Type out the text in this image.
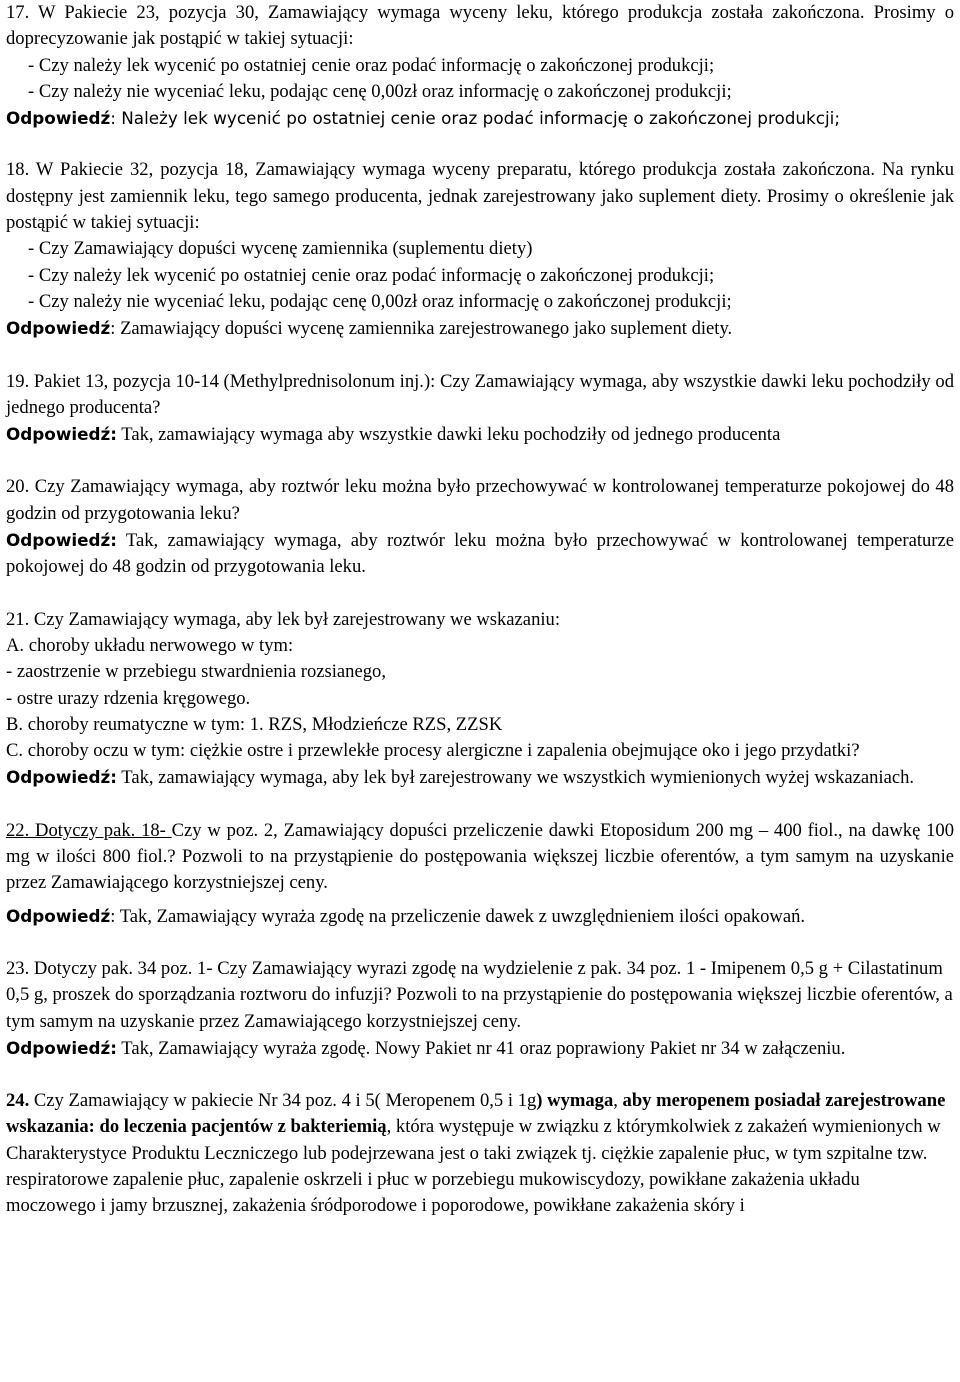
17. W Pakiecie 23, pozycja 30, Zamawiający wymaga wyceny leku, którego produkcja została zakończona. Prosimy o doprecyzowanie jak postąpić w takiej sytuacji:

- Czy należy lek wycenić po ostatniej cenie oraz podać informację o zakończonej produkcji;

- Czy należy nie wyceniać leku, podając cenę 0,00zł oraz informację o zakończonej produkcji;

Odpowiedź: Należy lek wycenić po ostatniej cenie oraz podać informację o zakończonej produkcji;

18. W Pakiecie 32, pozycja 18, Zamawiający wymaga wyceny preparatu, którego produkcja została zakończona. Na rynku dostępny jest zamiennik leku, tego samego producenta, jednak zarejestrowany jako suplement diety. Prosimy o określenie jak postąpić w takiej sytuacji:

- Czy Zamawiający dopuści wycenę zamiennika (suplementu diety)

- Czy należy lek wycenić po ostatniej cenie oraz podać informację o zakończonej produkcji;

- Czy należy nie wyceniać leku, podając cenę 0,00zł oraz informację o zakończonej produkcji;

Odpowiedź: Zamawiający dopuści wycenę zamiennika zarejestrowanego jako suplement diety.

19. Pakiet 13, pozycja 10-14 (Methylprednisolonum inj.): Czy Zamawiający wymaga, aby wszystkie dawki leku pochodziły od jednego producenta?

Odpowiedź: Tak, zamawiający wymaga aby wszystkie dawki leku pochodziły od jednego producenta

20. Czy Zamawiający wymaga, aby roztwór leku można było przechowywać w kontrolowanej temperaturze pokojowej do 48 godzin od przygotowania leku?

Odpowiedź: Tak, zamawiający wymaga, aby roztwór leku można było przechowywać w kontrolowanej temperaturze pokojowej do 48 godzin od przygotowania leku.

21. Czy Zamawiający wymaga, aby lek był zarejestrowany we wskazaniu:

A. choroby układu nerwowego w tym:

- zaostrzenie w przebiegu stwardnienia rozsianego,

- ostre urazy rdzenia kręgowego.

B. choroby reumatyczne w tym: 1. RZS, Młodzieńcze RZS, ZZSK

C. choroby oczu w tym: ciężkie ostre i przewlekłe procesy alergiczne i zapalenia obejmujące oko i jego przydatki?

Odpowiedź: Tak, zamawiający wymaga, aby lek był zarejestrowany we wszystkich wymienionych wyżej wskazaniach.

22. Dotyczy pak. 18- Czy w poz. 2, Zamawiający dopuści przeliczenie dawki Etoposidum 200 mg – 400 fiol., na dawkę 100 mg w ilości 800 fiol.? Pozwoli to na przystąpienie do postępowania większej liczbie oferentów, a tym samym na uzyskanie przez Zamawiającego korzystniejszej ceny.

Odpowiedź: Tak, Zamawiający wyraża zgodę na przeliczenie dawek z uwzględnieniem ilości opakowań.

23. Dotyczy pak. 34 poz. 1- Czy Zamawiający wyrazi zgodę na wydzielenie z pak. 34 poz. 1 - Imipenem 0,5 g + Cilastatinum 0,5 g, proszek do sporządzania roztworu do infuzji? Pozwoli to na przystąpienie do postępowania większej liczbie oferentów, a tym samym na uzyskanie przez Zamawiającego korzystniejszej ceny.

Odpowiedź: Tak, Zamawiający wyraża zgodę. Nowy Pakiet nr 41 oraz poprawiony Pakiet nr 34 w załączeniu.

24. Czy Zamawiający w pakiecie Nr 34 poz. 4 i 5( Meropenem 0,5 i 1g) wymaga, aby meropenem posiadał zarejestrowane wskazania: do leczenia pacjentów z bakteriemią, która występuje w związku z którymkolwiek z zakażeń wymienionych w Charakterystyce Produktu Leczniczego lub podejrzewana jest o taki związek tj. ciężkie zapalenie płuc, w tym szpitalne tzw. respiratorowe zapalenie płuc, zapalenie oskrzeli i płuc w porzebiegu mukowiscydozy, powikłane zakażenia układu moczowego i jamy brzusznej, zakażenia śródporodowe i poporodowe, powikłane zakażenia skóry i
